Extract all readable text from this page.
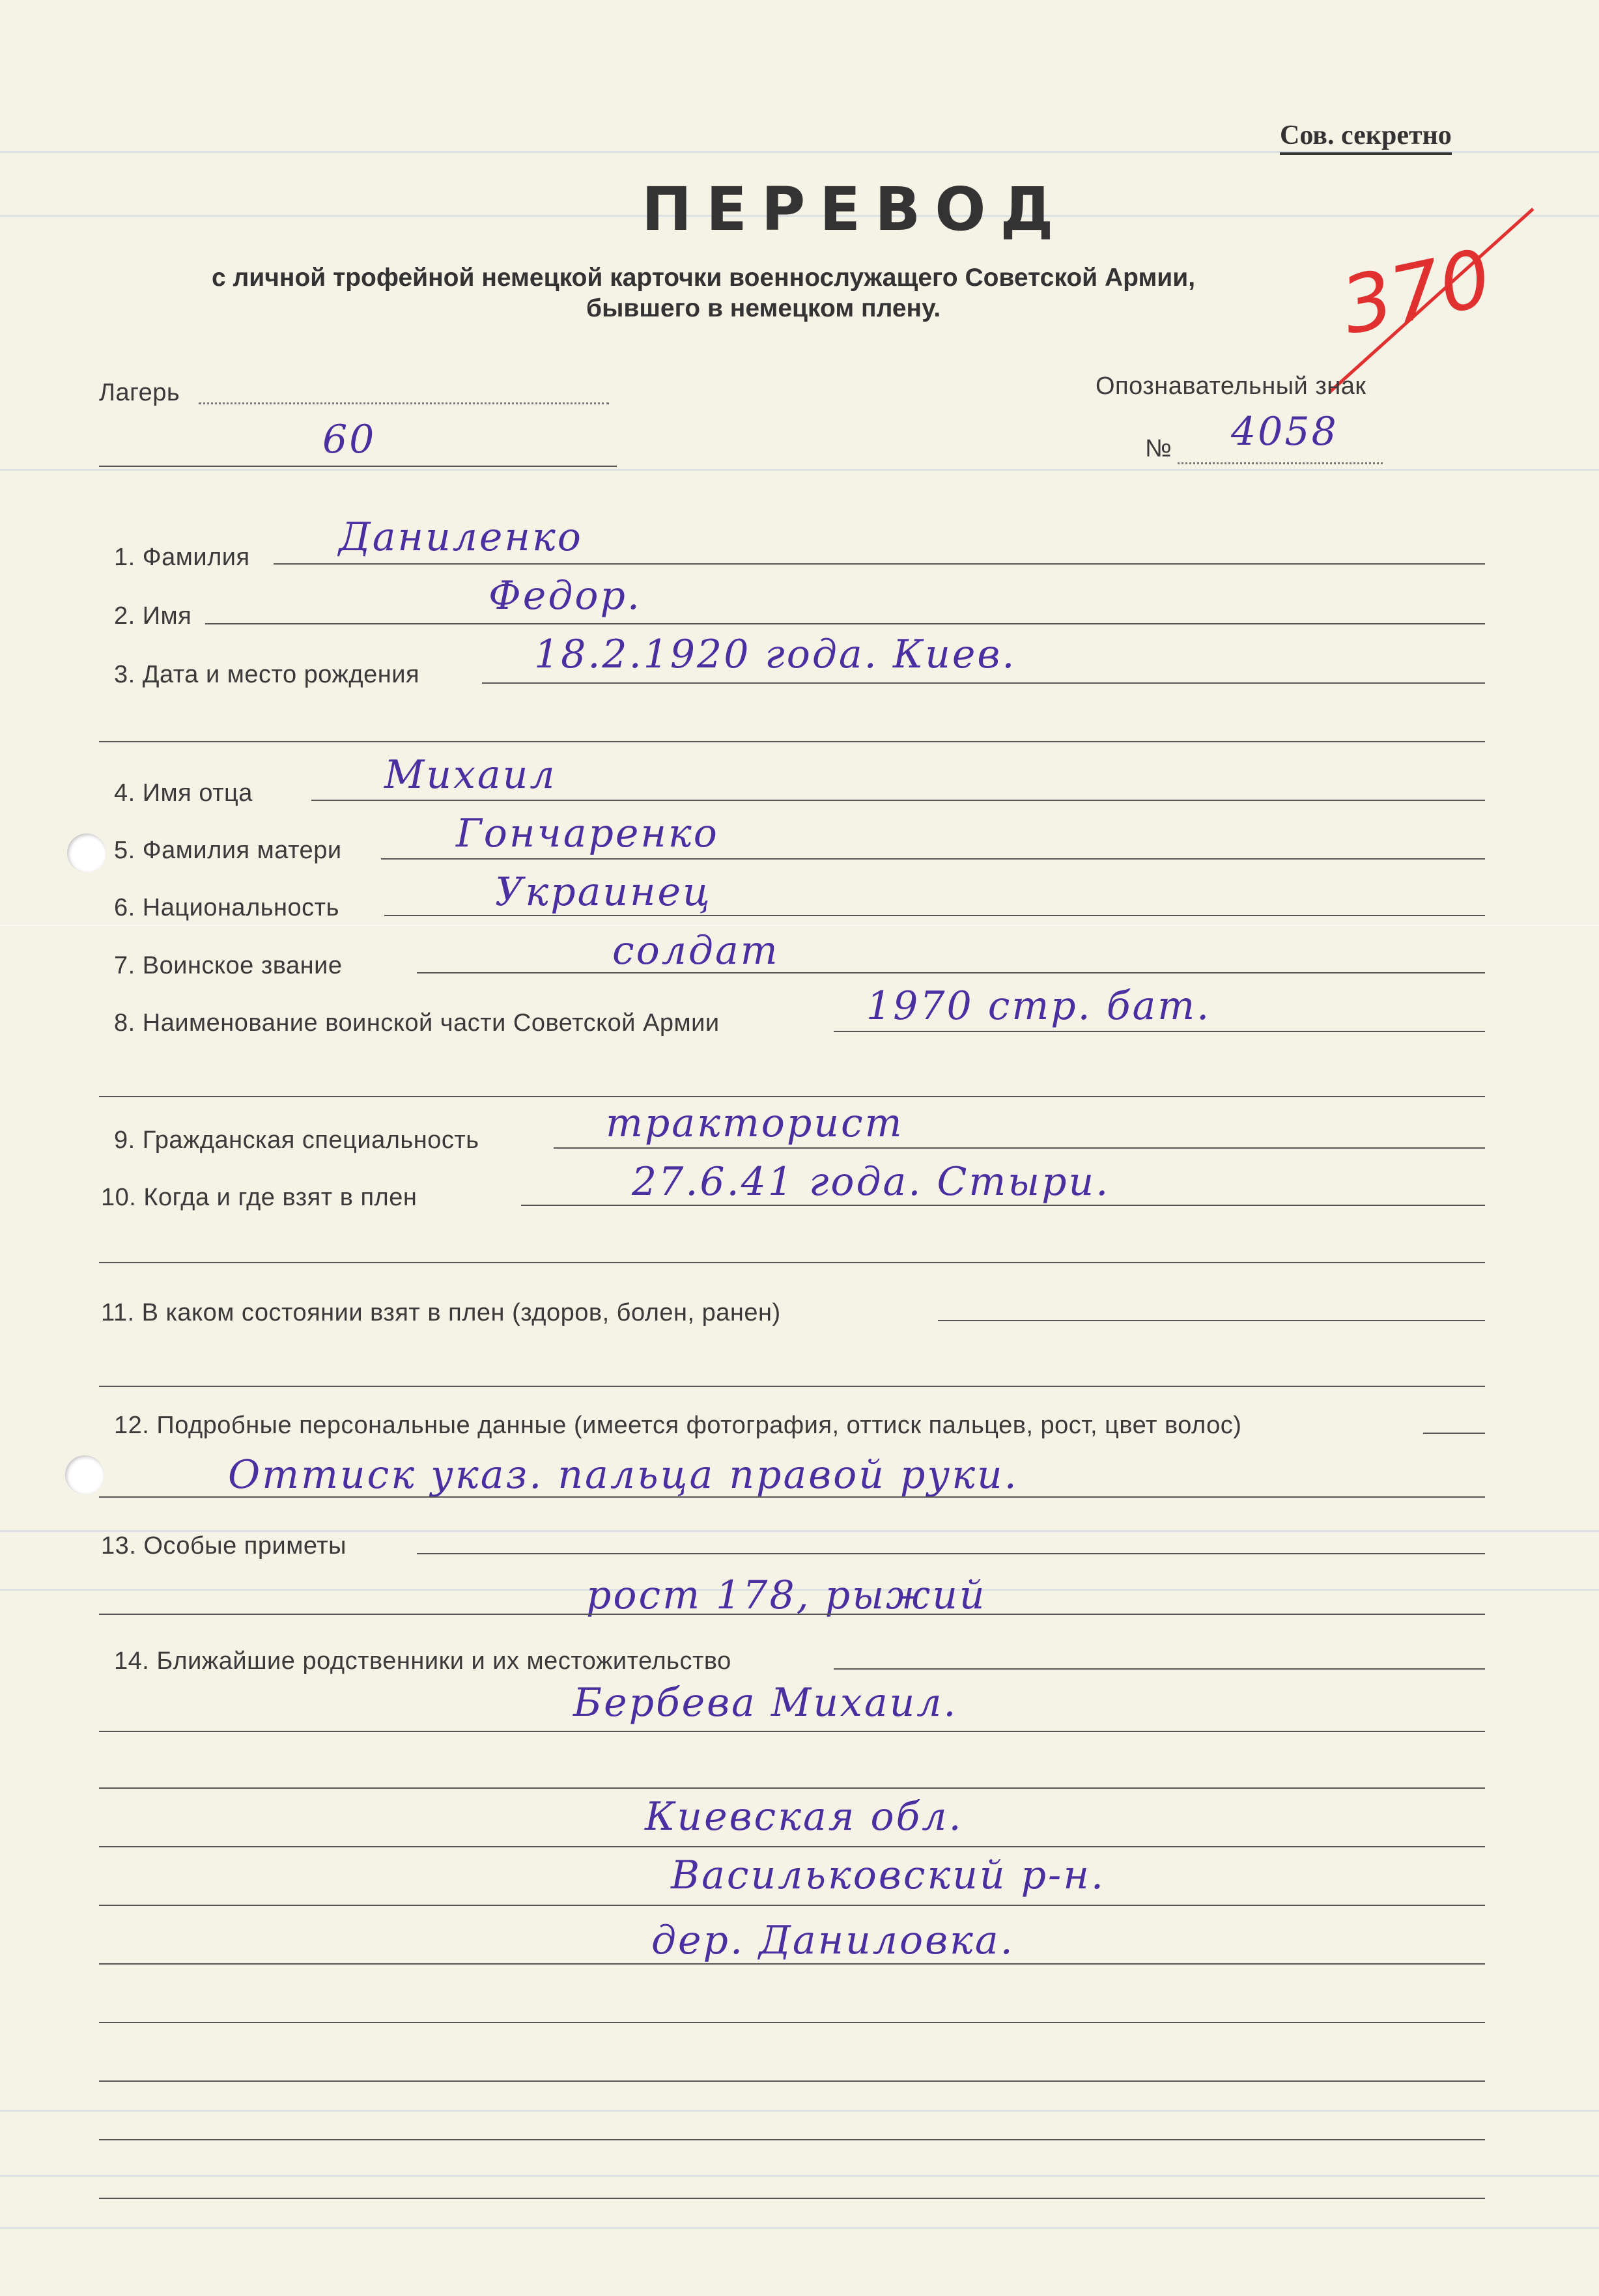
Сов. секретно
ПЕРЕВОД
с личной трофейной немецкой карточки военнослужащего Советской Армии,
бывшего в немецком плену.	370
Лагерь
60
Опознавательный знак
№ 4058
1. Фамилия Даниленко
2. Имя	Федор.
3. Дата и место рождения	18.2.1920 года. Киев.
4. Имя отца	Михаил
5. Фамилия матери	Гончаренко
6. Национальность	Украинец
7. Воинское звание	солдат
8. Наименование воинской части Советской Армии	1970 стр. бат.
9. Гражданская специальность	тракторист
10. Когда и где взят в плен	27.6.41 года. Стыри.
11. В каком состоянии взят в плен (здоров, болен, ранен)
12. Подробные персональные данные (имеется фотография, оттиск пальцев, рост, цвет волос)
Оттиск указ. пальца правой руки.
13. Особые приметы
рост 178, рыжий
14. Ближайшие родственники и их местожительство
Бербева Михаил.
Киевская обл.
Васильковский р-н.
дер. Даниловка.
